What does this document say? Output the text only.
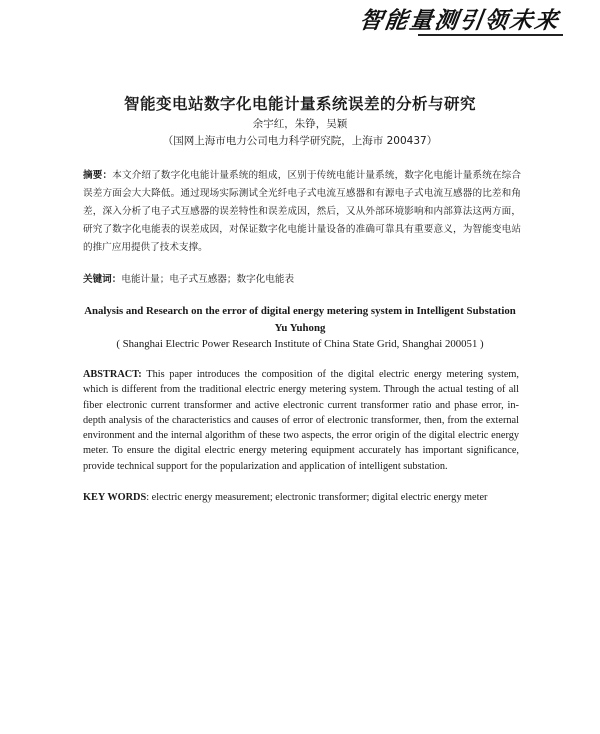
智能量测引领未来
智能变电站数字化电能计量系统误差的分析与研究
余宇红，朱铮，吴颖
（国网上海市电力公司电力科学研究院，上海市 200437）

摘要：本文介绍了数字化电能计量系统的组成，区别于传统电能计量系统，数字化电能计量系统在综合误差方面会大大降低。通过现场实际测试全光纤电子式电流互感器和有源电子式电流互感器的比差和角差，深入分析了电子式互感器的误差特性和误差成因，然后，又从外部环境影响和内部算法这两方面，研究了数字化电能表的误差成因，对保证数字化电能计量设备的准确可靠具有重要意义，为智能变电站的推广应用提供了技术支撑。

关键词：电能计量；电子式互感器；数字化电能表

Analysis and Research on the error of digital energy metering system in Intelligent Substation
Yu Yuhong
( Shanghai Electric Power Research Institute of China State Grid, Shanghai 200051 )

ABSTRACT: This paper introduces the composition of the digital electric energy metering system, which is different from the traditional electric energy metering system. Through the actual testing of all fiber electronic current transformer and active electronic current transformer ratio and phase error, in-depth analysis of the characteristics and causes of error of electronic transformer, then, from the external environment and the internal algorithm of these two aspects, the error origin of the digital electric energy meter. To ensure the digital electric energy metering equipment accurately has important significance, provide technical support for the popularization and application of intelligent substation.

KEY WORDS: electric energy measurement; electronic transformer; digital electric energy meter
